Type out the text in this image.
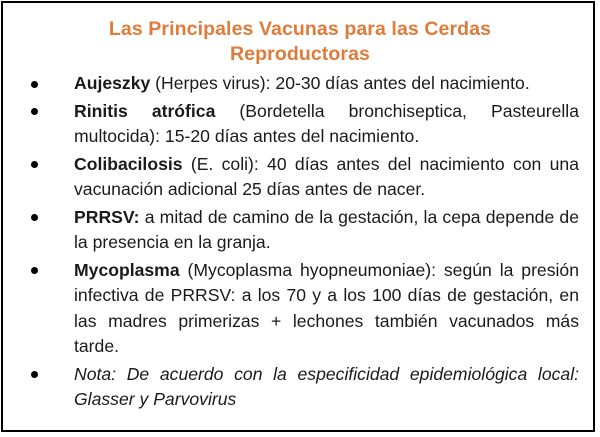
Las Principales Vacunas para las Cerdas
Reproductoras
Aujeszky (Herpes virus): 20-30 días antes del nacimiento.
Rinitis atrófica (Bordetella bronchiseptica, Pasteurella multocida): 15-20 días antes del nacimiento.
Colibacilosis (E. coli): 40 días antes del nacimiento con una vacunación adicional 25 días antes de nacer.
PRRSV: a mitad de camino de la gestación, la cepa depende de la presencia en la granja.
Mycoplasma (Mycoplasma hyopneumoniae): según la presión infectiva de PRRSV: a los 70 y a los 100 días de gestación, en las madres primerizas + lechones también vacunados más tarde.
Nota: De acuerdo con la especificidad epidemiológica local: Glasser y Parvovirus
